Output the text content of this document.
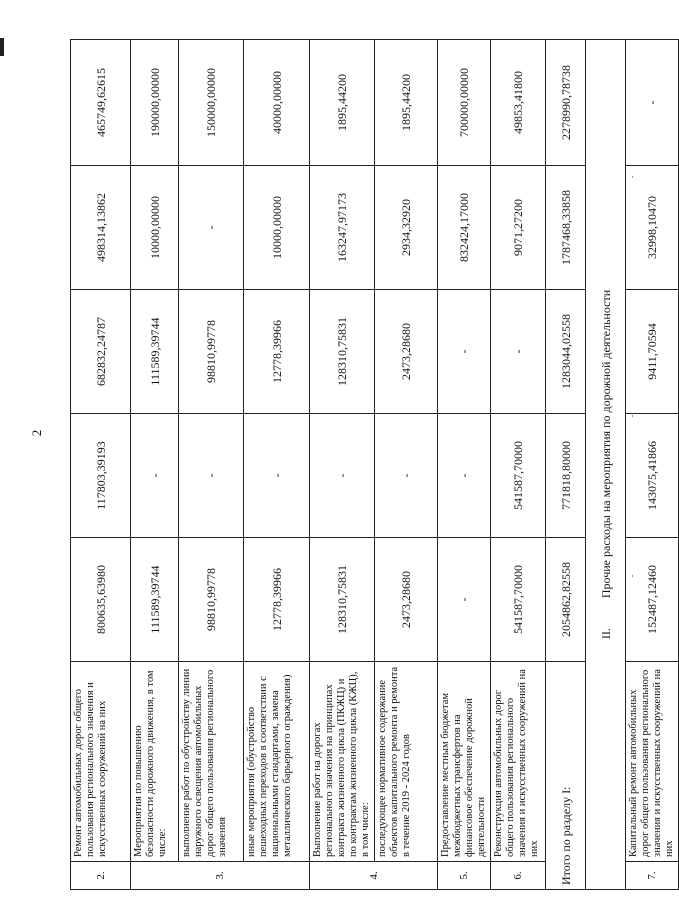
2
2.	Ремонт автомобильных дорог общего пользования регионального значения и искусственных сооружений на них	800635,63980	117803,39193	682832,24787	498314,13862	465749,62615
3.	Мероприятия по повышению безопасности дорожного движения, в том числе:	111589,39744	-	111589,39744	10000,00000	190000,00000
	выполнение работ по обустройству линии наружного освещения автомобильных дорог общего пользования регионального значения	98810,99778	-	98810,99778	-	150000,00000
	иные мероприятия (обустройство пешеходных переходов в соответствии с национальными стандартами, замена металлического барьерного ограждения)	12778,39966	-	12778,39966	10000,00000	40000,00000
4.	Выполнение работ на дорогах регионального значения на принципах контракта жизненного цикла (ПКЖЦ) и по контрактам жизненного цикла (КЖЦ), в том числе:	128310,75831	-	128310,75831	163247,97173	1895,44200
	последующее нормативное содержание объектов капитального ремонта и ремонта в течение 2019 - 2024 годов	2473,28680	-	2473,28680	2934,32920	1895,44200
5.	Предоставление местным бюджетам межбюджетных трансфертов на финансовое обеспечение дорожной деятельности	-	-	-	832424,17000	700000,00000
6.	Реконструкция автомобильных дорог общего пользования регионального значения и искусственных сооружений на них	541587,70000	541587,70000	-	9071,27200	49853,41800
Итого по разделу I:		2054862,82558	771818,80000	1283044,02558	1787468,33858	2278990,78738
II.Прочие расходы на мероприятия по дорожной деятельности						
7.	Капитальный ремонт автомобильных дорог общего пользования регионального значения и искусственных сооружений на них	152487,12460	143075,41866	9411,70594	32998,10470	-
